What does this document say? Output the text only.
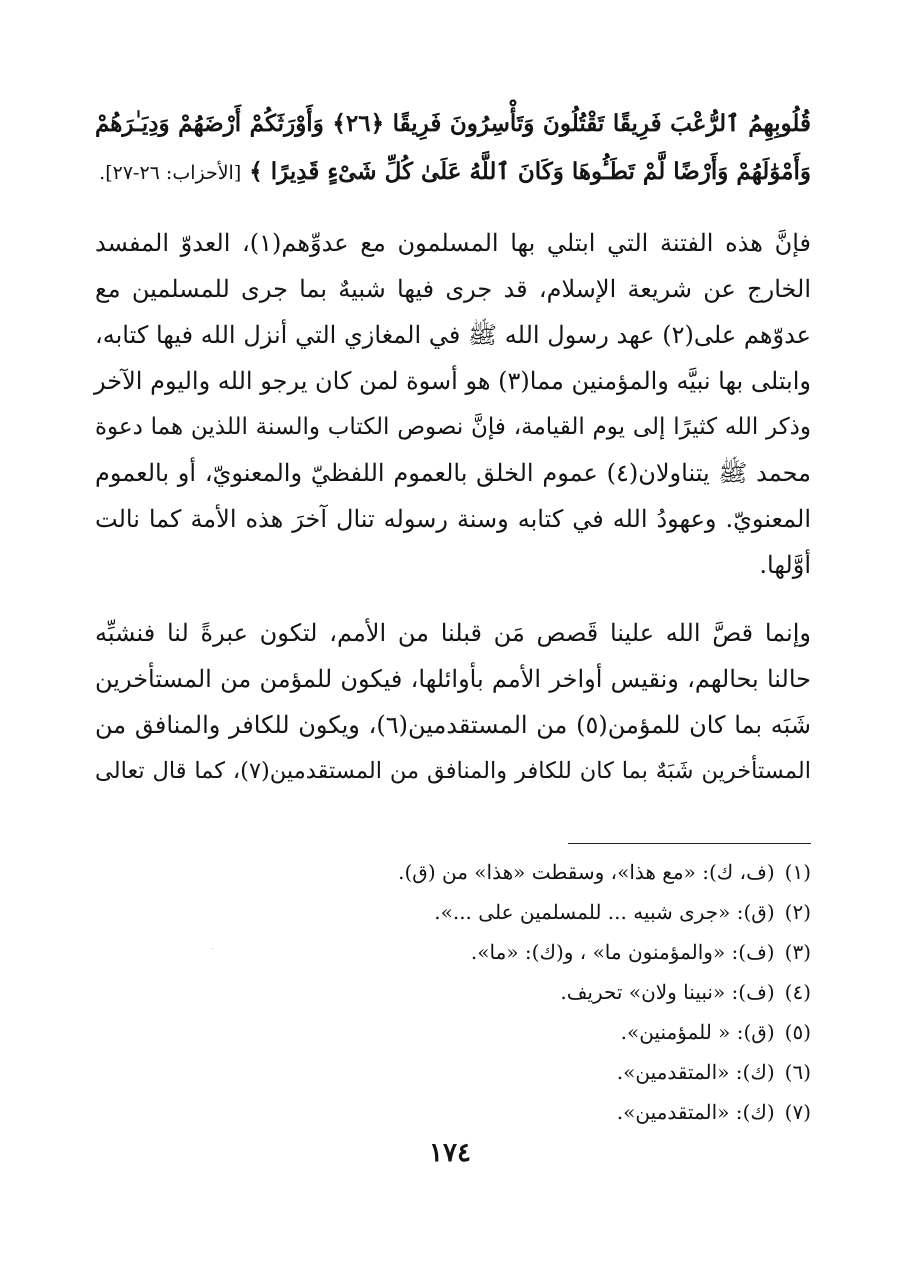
قُلُوبِهِمُ ٱلرُّعْبَ فَرِيقًا تَقْتُلُونَ وَتَأْسِرُونَ فَرِيقًا ﴿٢٦﴾ وَأَوْرَثَكُمْ أَرْضَهُمْ وَدِيَـٰرَهُمْ
وَأَمْوَٰلَهُمْ وَأَرْضًا لَّمْ تَطَـُٔوهَا وَكَانَ ٱللَّهُ عَلَىٰ كُلِّ شَىْءٍ قَدِيرًا ﴾ [الأحزاب: ٢٦-٢٧].
فإنَّ هذه الفتنة التي ابتلي بها المسلمون مع عدوِّهم(١)، العدوّ المفسد
الخارج عن شريعة الإسلام، قد جرى فيها شبيهٌ بما جرى للمسلمين مع
عدوّهم على(٢) عهد رسول الله ﷺ في المغازي التي أنزل الله فيها كتابه،
وابتلى بها نبيَّه والمؤمنين مما(٣) هو أسوة لمن كان يرجو الله واليوم الآخر
وذكر الله كثيرًا إلى يوم القيامة، فإنَّ نصوص الكتاب والسنة اللذين هما دعوة
محمد ﷺ يتناولان(٤) عموم الخلق بالعموم اللفظيّ والمعنويّ، أو بالعموم
المعنويّ. وعهودُ الله في كتابه وسنة رسوله تنال آخرَ هذه الأمة كما نالت
أوَّلها.
وإنما قصَّ الله علينا قَصص مَن قبلنا من الأمم، لتكون عبرةً لنا فنشبِّه
حالنا بحالهم، ونقيس أواخر الأمم بأوائلها، فيكون للمؤمن من المستأخرين
شَبَه بما كان للمؤمن(٥) من المستقدمين(٦)، ويكون للكافر والمنافق من
المستأخرين شَبَهٌ بما كان للكافر والمنافق من المستقدمين(٧)، كما قال تعالى
(١)(ف، ك): «مع هذا»، وسقطت «هذا» من (ق).
(٢)(ق): «جرى شبيه ... للمسلمين على ...».
(٣)(ف): «والمؤمنون ما» ، و(ك): «ما».
(٤)(ف): «نبينا ولان» تحريف.
(٥)(ق): « للمؤمنين».
(٦)(ك): «المتقدمين».
(٧)(ك): «المتقدمين».
١٧٤
